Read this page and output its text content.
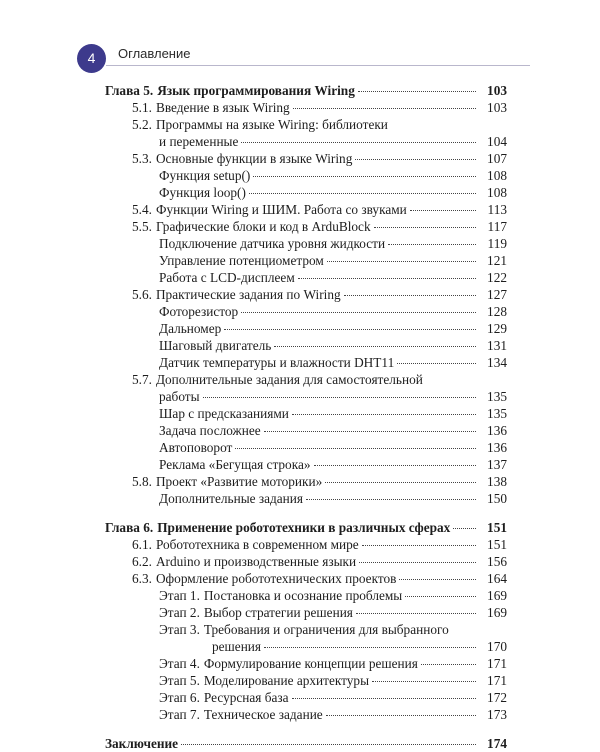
4	Оглавление
Глава 5. Язык программирования Wiring	103
5.1. Введение в язык Wiring	103
5.2. Программы на языке Wiring: библиотеки
и переменные	104
5.3. Основные функции в языке Wiring	107
Функция setup()	108
Функция loop()	108
5.4. Функции Wiring и ШИМ. Работа со звуками	113
5.5. Графические блоки и код в ArduBlock	117
Подключение датчика уровня жидкости	119
Управление потенциометром	121
Работа с LCD-дисплеем	122
5.6. Практические задания по Wiring	127
Фоторезистор	128
Дальномер	129
Шаговый двигатель	131
Датчик температуры и влажности DHT11	134
5.7. Дополнительные задания для самостоятельной
работы	135
Шар с предсказаниями	135
Задача посложнее	136
Автоповорот	136
Реклама «Бегущая строка»	137
5.8. Проект «Развитие моторики»	138
Дополнительные задания	150
Глава 6. Применение робототехники в различных сферах	151
6.1. Робототехника в современном мире	151
6.2. Arduino и производственные языки	156
6.3. Оформление робототехнических проектов	164
Этап 1. Постановка и осознание проблемы	169
Этап 2. Выбор стратегии решения	169
Этап 3. Требования и ограничения для выбранного
решения	170
Этап 4. Формулирование концепции решения	171
Этап 5. Моделирование архитектуры	171
Этап 6. Ресурсная база	172
Этап 7. Техническое задание	173
Заключение	174
